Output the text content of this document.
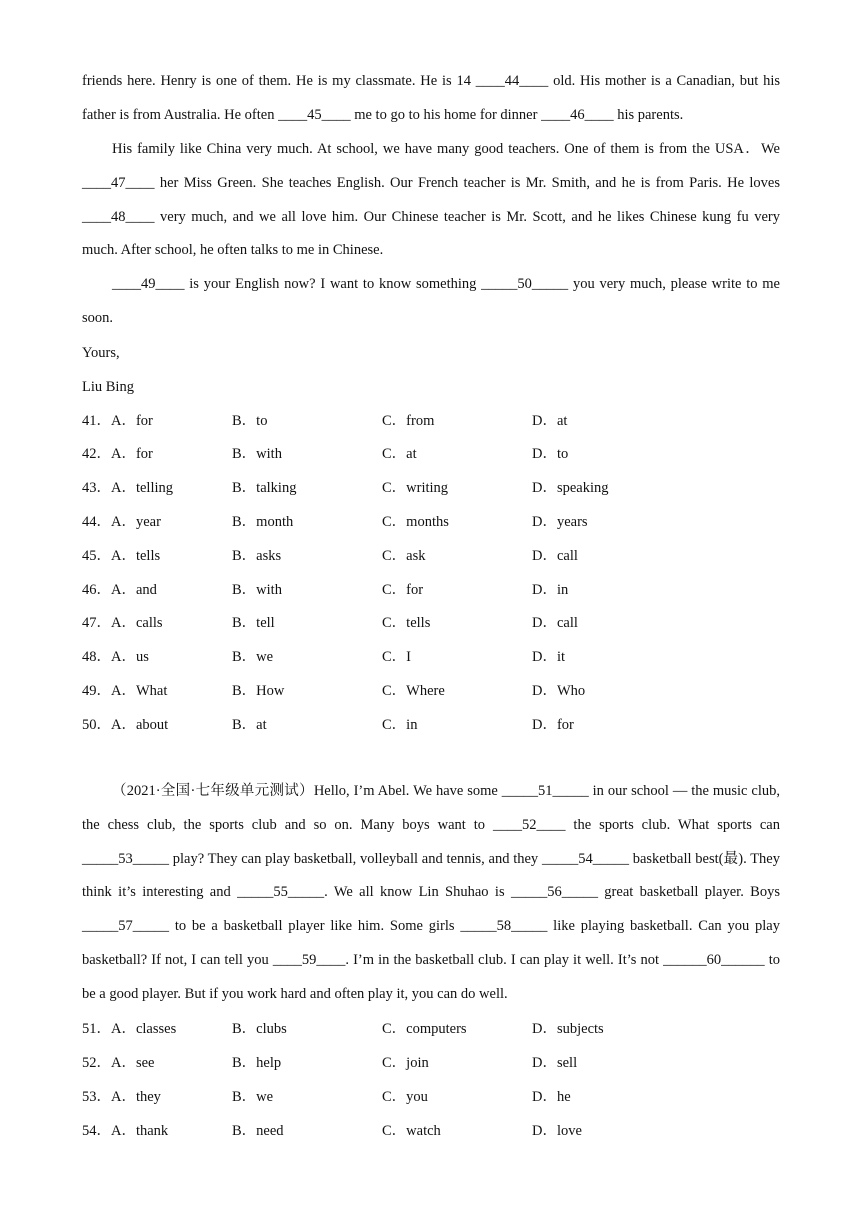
friends here. Henry is one of them. He is my classmate. He is 14 ____44____ old. His mother is a Canadian, but his father is from Australia. He often ____45____ me to go to his home for dinner ____46____ his parents.

His family like China very much. At school, we have many good teachers. One of them is from the USA．We ____47____ her Miss Green. She teaches English. Our French teacher is Mr. Smith, and he is from Paris. He loves ____48____ very much, and we all love him. Our Chinese teacher is Mr. Scott, and he likes Chinese kung fu very much. After school, he often talks to me in Chinese.

____49____ is your English now? I want to know something _____50_____ you very much, please write to me soon.

Yours,
Liu Bing
41．A．for	B．to	C．from	D．at
42．A．for	B．with	C．at	D．to
43．A．telling	B．talking	C．writing	D．speaking
44．A．year	B．month	C．months	D．years
45．A．tells	B．asks	C．ask	D．call
46．A．and	B．with	C．for	D．in
47．A．calls	B．tell	C．tells	D．call
48．A．us	B．we	C．I	D．it
49．A．What	B．How	C．Where	D．Who
50．A．about	B．at	C．in	D．for

（2021·全国·七年级单元测试）Hello, I’m Abel. We have some _____51_____ in our school — the music club, the chess club, the sports club and so on. Many boys want to ____52____ the sports club. What sports can _____53_____ play? They can play basketball, volleyball and tennis, and they _____54_____ basketball best(最). They think it’s interesting and _____55_____. We all know Lin Shuhao is _____56_____ great basketball player. Boys _____57_____ to be a basketball player like him. Some girls _____58_____ like playing basketball. Can you play basketball? If not, I can tell you ____59____. I’m in the basketball club. I can play it well. It’s not ______60______ to be a good player. But if you work hard and often play it, you can do well.

51．A．classes	B．clubs	C．computers	D．subjects
52．A．see	B．help	C．join	D．sell
53．A．they	B．we	C．you	D．he
54．A．thank	B．need	C．watch	D．love
